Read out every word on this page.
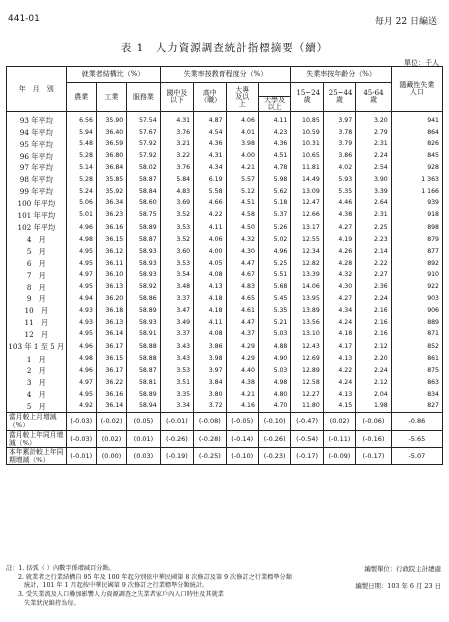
441-01	每月 22 日編送
表 1　人力資源調查統計指標摘要（續）
單位：千人
年　月　別	就業者結構比（%）			失業率按教育程度分（%）				失業率按年齡分（%）			隱藏性失業人口
	農業	工業	服務業	國中及以下	高中（職）	大專及以上		15~24歲	25~44歲	45-64歲	
							大學及以上				
93 年平均	6.56	35.90	57.54	4.31	4.87	4.06	4.11	10.85	3.97	3.20	941
94 年平均	5.94	36.40	57.67	3.76	4.54	4.01	4.23	10.59	3.78	2.79	864
95 年平均	5.48	36.59	57.92	3.21	4.36	3.98	4.36	10.31	3.79	2.31	826
96 年平均	5.28	36.80	57.92	3.22	4.31	4.00	4.51	10.65	3.86	2.24	845
97 年平均	5.14	36.84	58.02	3.76	4.34	4.21	4.78	11.81	4.02	2.54	928
98 年平均	5.28	35.85	58.87	5.84	6.19	5.57	5.98	14.49	5.93	3.90	1 363
99 年平均	5.24	35.92	58.84	4.83	5.58	5.12	5.62	13.09	5.35	3.39	1 166
100 年平均	5.06	36.34	58.60	3.69	4.66	4.51	5.18	12.47	4.46	2.64	939
101 年平均	5.01	36.23	58.75	3.52	4.22	4.58	5.37	12.66	4.38	2.31	918
102 年平均	4.96	36.16	58.89	3.53	4.11	4.50	5.26	13.17	4.27	2.25	898
4　月	4.98	36.15	58.87	3.52	4.06	4.32	5.02	12.55	4.19	2.23	879
5　月	4.95	36.12	58.93	3.60	4.00	4.30	4.96	12.34	4.26	2.14	877
6　月	4.95	36.11	58.93	3.53	4.05	4.47	5.25	12.82	4.28	2.22	892
7　月	4.97	36.10	58.93	3.54	4.08	4.67	5.51	13.39	4.32	2.27	910
8　月	4.95	36.13	58.92	3.48	4.13	4.83	5.68	14.06	4.30	2.36	922
9　月	4.94	36.20	58.86	3.37	4.18	4.65	5.45	13.95	4.27	2.24	903
10　月	4.93	36.18	58.89	3.47	4.18	4.61	5.35	13.89	4.34	2.16	906
11　月	4.93	36.13	58.93	3.49	4.11	4.47	5.21	13.56	4.24	2.16	889
12　月	4.95	36.14	58.91	3.37	4.08	4.37	5.03	13.10	4.18	2.16	871
103 年 1 至 5 月	4.96	36.17	58.88	3.43	3.86	4.29	4.88	12.43	4.17	2.12	852
1　月	4.98	36.15	58.88	3.43	3.98	4.29	4.90	12.69	4.13	2.20	861
2　月	4.96	36.17	58.87	3.53	3.97	4.40	5.03	12.89	4.22	2.24	875
3　月	4.97	36.22	58.81	3.51	3.84	4.38	4.98	12.58	4.24	2.12	863
4　月	4.95	36.16	58.89	3.35	3.80	4.21	4.80	12.27	4.13	2.04	834
5　月	4.92	36.14	58.94	3.34	3.72	4.16	4.70	11.80	4.15	1.98	827
當月較上月增減（%）	(-0.03)	(-0.02)	(0.05)	(-0.01)	(-0.08)	(-0.05)	(-0.10)	(-0.47)	(0.02)	(-0.06)	-0.86
當月較上年同月增減（%）	(-0.03)	(0.02)	(0.01)	(-0.26)	(-0.28)	(-0.14)	(-0.26)	(-0.54)	(-0.11)	(-0.16)	-5.65
本年累計較上年同期增減（%）	(-0.01)	(0.00)	(0.03)	(-0.19)	(-0.25)	(-0.10)	(-0.23)	(-0.17)	(-0.09)	(-0.17)	-5.07
註：1. 括弧（ ）內數字係增減百分點。
2. 就業者之行業結構自 95 年及 100 年起分別依中華民國第 8 次修訂及第 9 次修訂之行業標準分類
統計，101 年 1 月起按中華民國第 9 次修訂之行業標準分類統計。
3. 受失業流及人口疊加影響人力資源調查之失業者家戶內人口時往及其就業
失業狀況維持為每。
編製單位：行政院主計總處
編製日期：103 年 6 月 23 日
